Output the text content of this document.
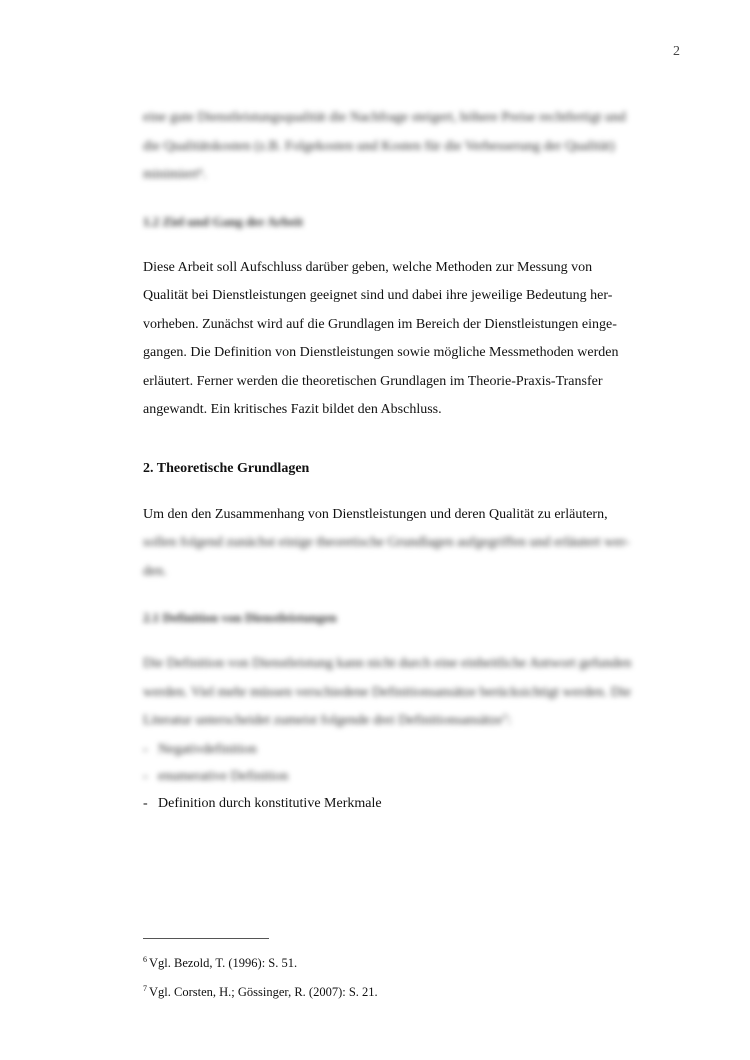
2
eine gute Dienstleistungsqualität die Nachfrage steigert, höhere Preise rechtfertigt und
die Qualitätskosten (z.B. Folgekosten und Kosten für die Verbesserung der Qualität)
minimiert⁶.
1.2 Ziel und Gang der Arbeit
Diese Arbeit soll Aufschluss darüber geben, welche Methoden zur Messung von
Qualität bei Dienstleistungen geeignet sind und dabei ihre jeweilige Bedeutung her-
vorheben. Zunächst wird auf die Grundlagen im Bereich der Dienstleistungen einge-
gangen. Die Definition von Dienstleistungen sowie mögliche Messmethoden werden
erläutert. Ferner werden die theoretischen Grundlagen im Theorie-Praxis-Transfer
angewandt. Ein kritisches Fazit bildet den Abschluss.
2. Theoretische Grundlagen
Um den den Zusammenhang von Dienstleistungen und deren Qualität zu erläutern,
sollen folgend zunächst einige theoretische Grundlagen aufgegriffen und erläutert wer-
den.
2.1 Definition von Dienstleistungen
Die Definition von Dienstleistung kann nicht durch eine einheitliche Antwort gefunden
werden. Viel mehr müssen verschiedene Definitionsansätze berücksichtigt werden. Die
Literatur unterscheidet zumeist folgende drei Definitionsansätze⁷:
- Negativdefinition
- enumerative Definition
- Definition durch konstitutive Merkmale
$^6$ Vgl. Bezold, T. (1996): S. 51.
$^7$ Vgl. Corsten, H.; Gössinger, R. (2007): S. 21.
